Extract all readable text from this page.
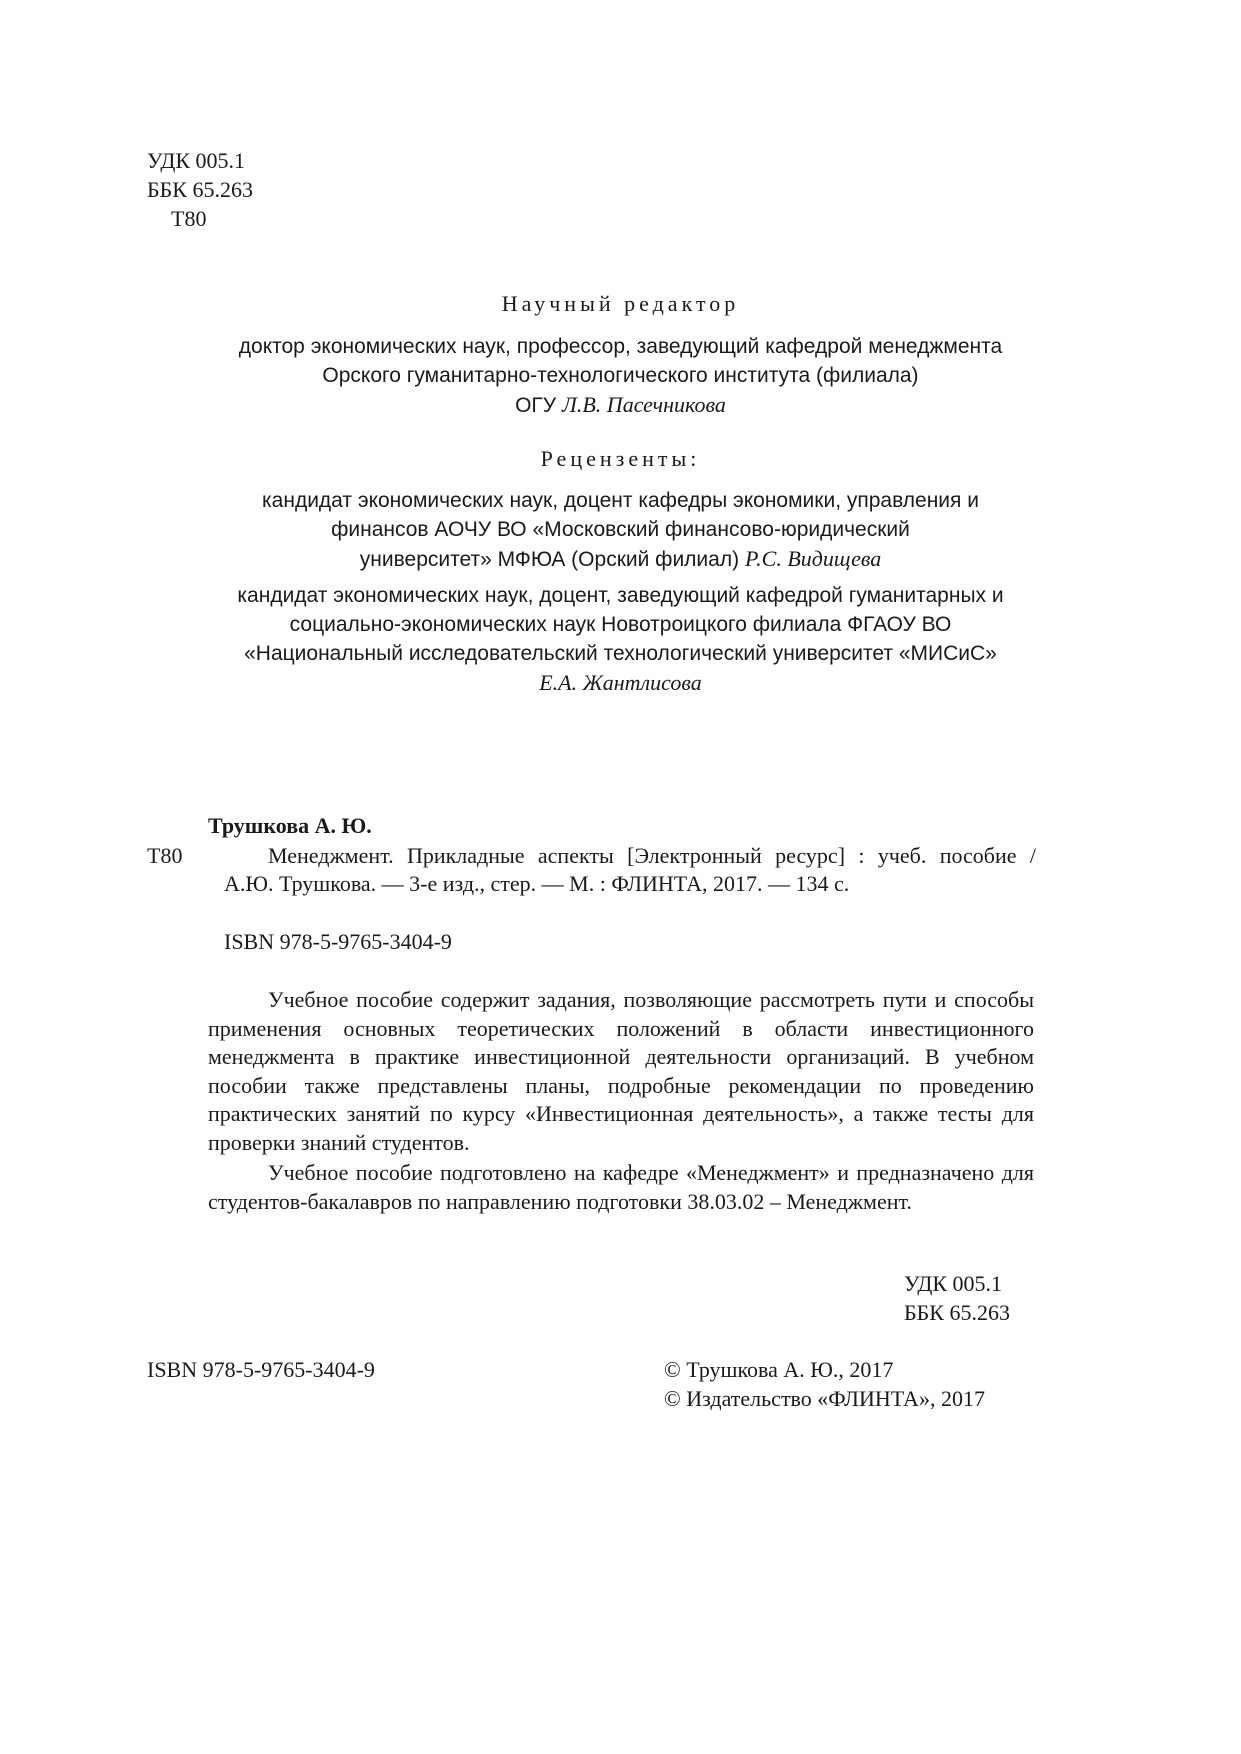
УДК 005.1
ББК 65.263
Т80
Научный редактор
доктор экономических наук, профессор, заведующий кафедрой менеджмента
Орского гуманитарно-технологического института (филиала)
ОГУ Л.В. Пасечникова
Рецензенты:
кандидат экономических наук, доцент кафедры экономики, управления и
финансов АОЧУ ВО «Московский финансово-юридический
университет» МФЮА (Орский филиал) Р.С. Видищева
кандидат экономических наук, доцент, заведующий кафедрой гуманитарных и
социально-экономических наук Новотроицкого филиала ФГАОУ ВО
«Национальный исследовательский технологический университет «МИСиС»
Е.А. Жантлисова
Трушкова А. Ю.
Т80	Менеджмент. Прикладные аспекты [Электронный ресурс] : учеб. пособие /
А.Ю. Трушкова. — 3-е изд., стер. — М. : ФЛИНТА, 2017. — 134 с.
ISBN 978-5-9765-3404-9
Учебное пособие содержит задания, позволяющие рассмотреть пути и способы применения основных теоретических положений в области инвестиционного менеджмента в практике инвестиционной деятельности организаций. В учебном пособии также представлены планы, подробные рекомендации по проведению практических занятий по курсу «Инвестиционная деятельность», а также тесты для проверки знаний студентов.
Учебное пособие подготовлено на кафедре «Менеджмент» и предназначено для студентов-бакалавров по направлению подготовки 38.03.02 – Менеджмент.
УДК 005.1
ББК 65.263
ISBN 978-5-9765-3404-9	© Трушкова А. Ю., 2017
© Издательство «ФЛИНТА», 2017
